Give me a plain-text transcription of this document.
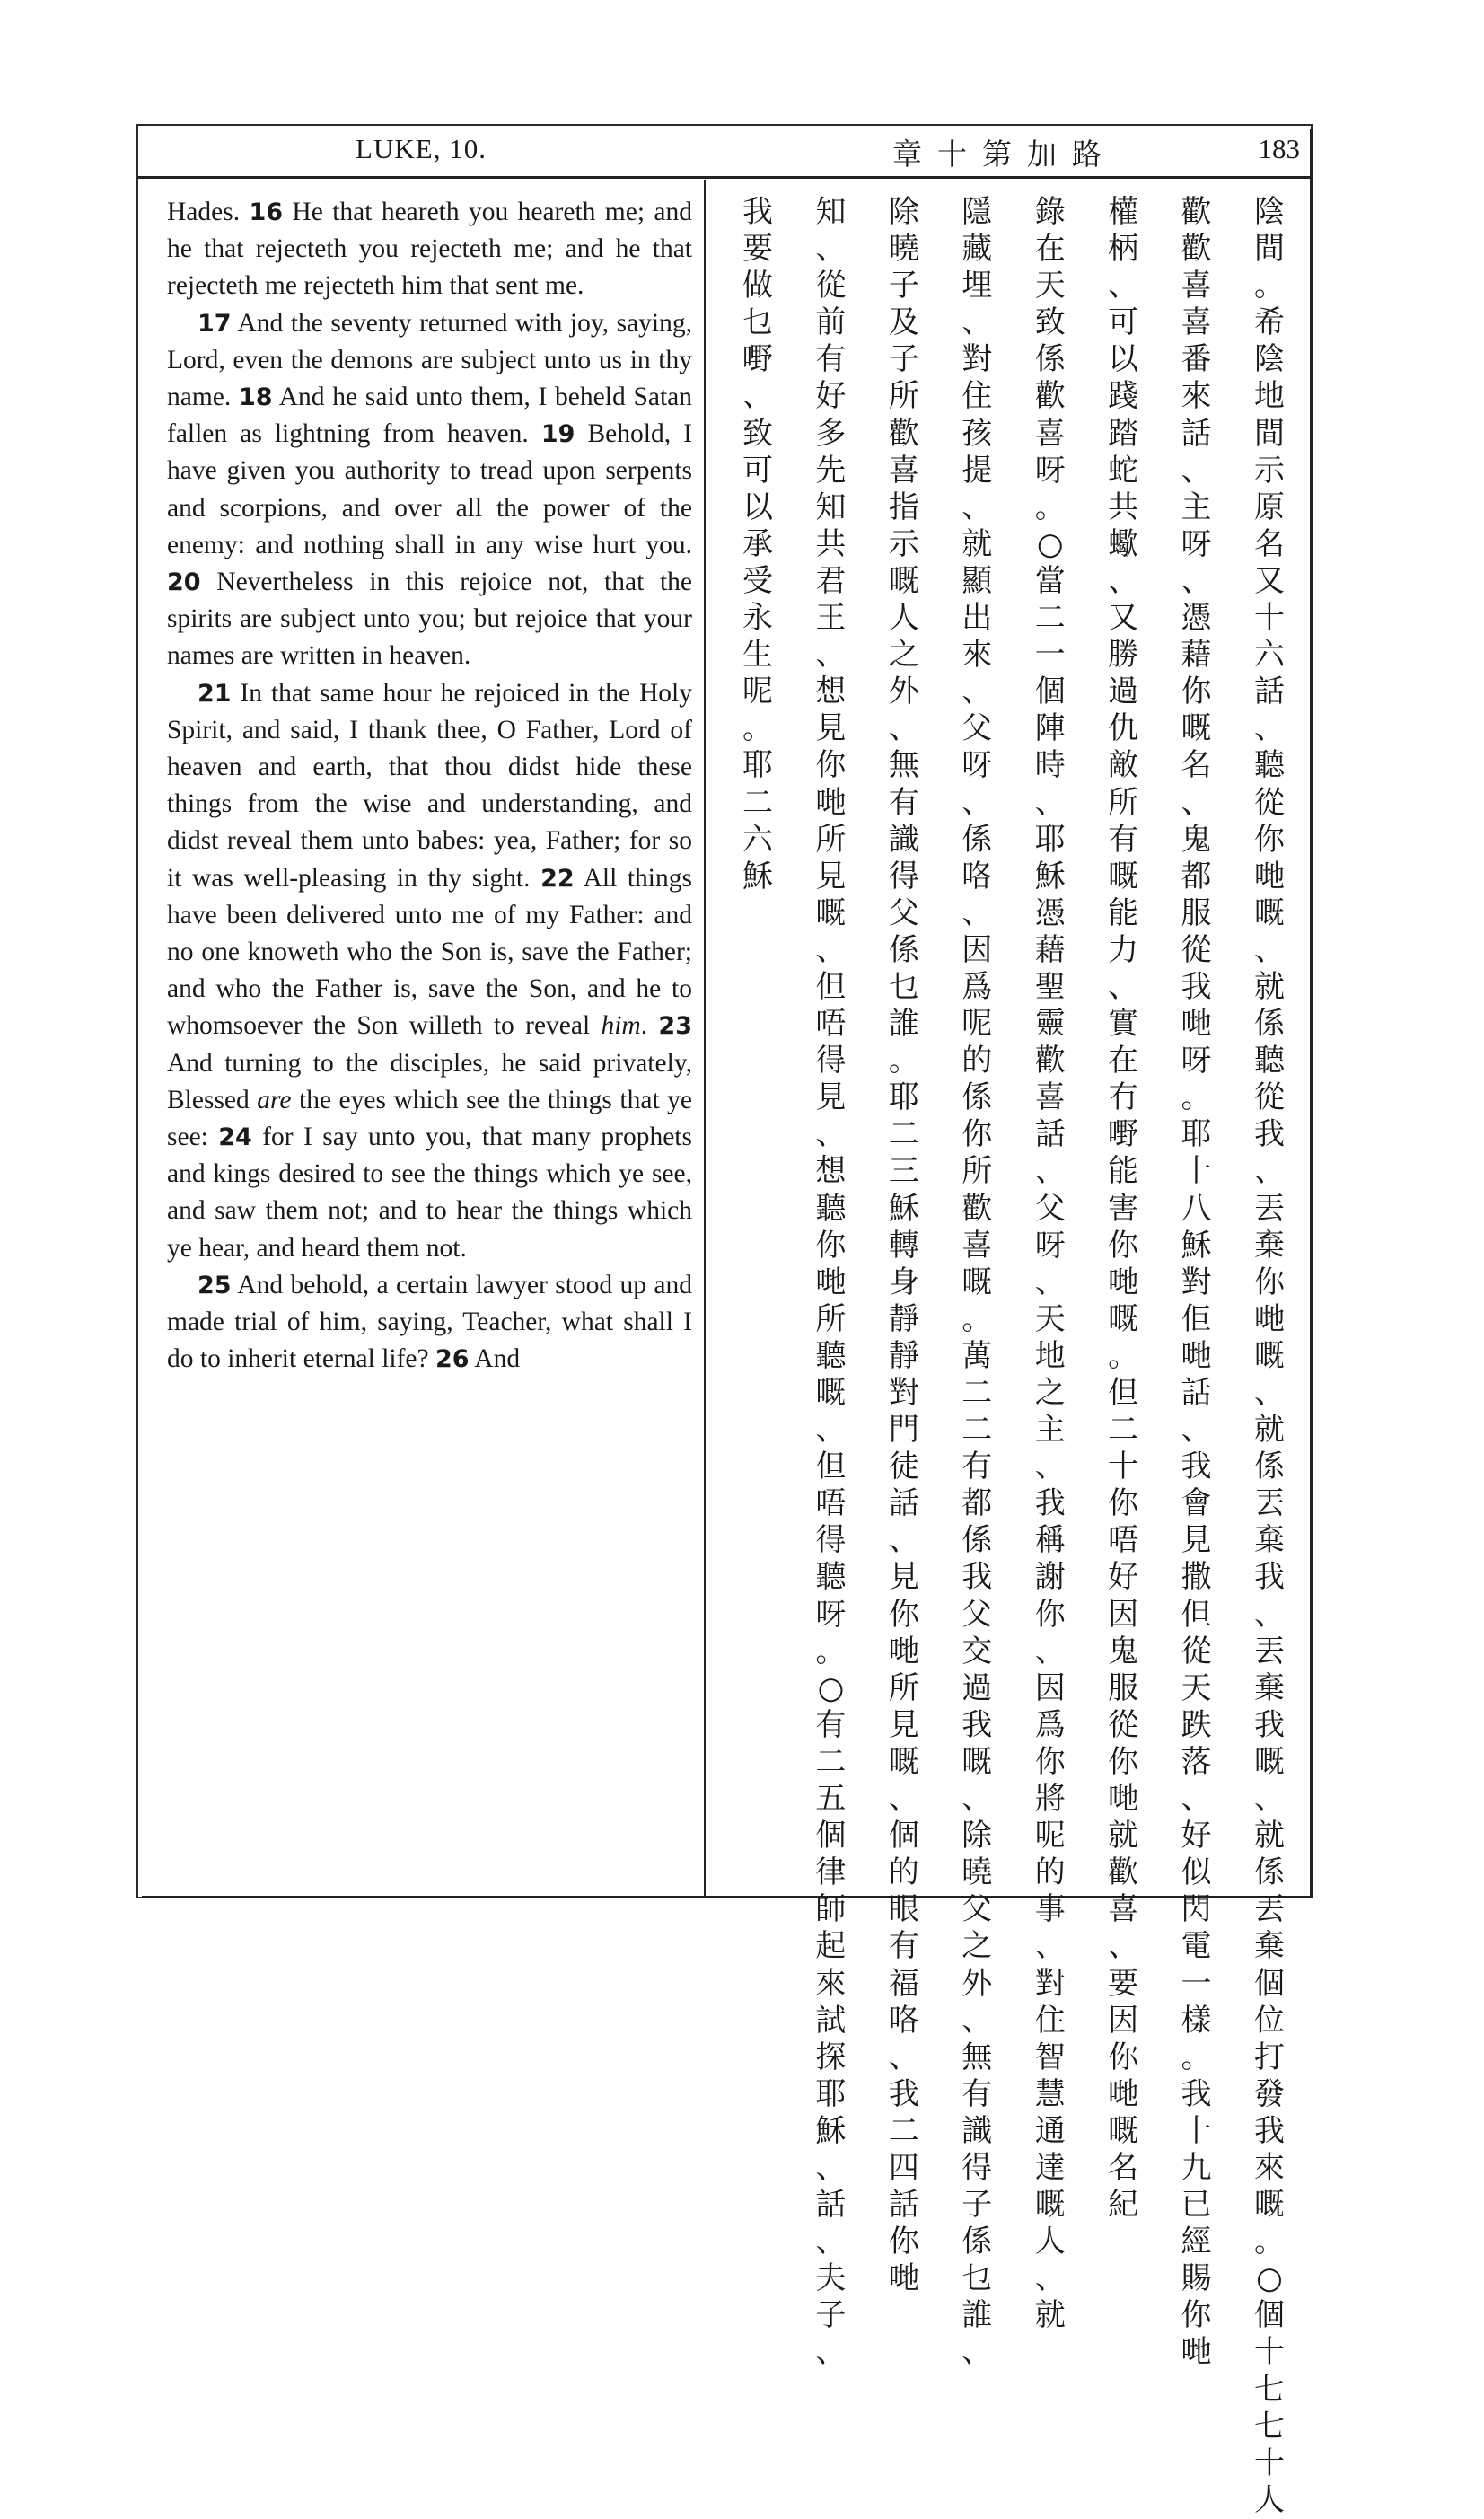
LUKE, 10.	章十第加路	183

Hades. 16 He that heareth you heareth me; and he that rejecteth you rejecteth me; and he that rejecteth me rejecteth him that sent me.

17 And the seventy returned with joy, saying, Lord, even the demons are subject unto us in thy name. 18 And he said unto them, I beheld Satan fallen as lightning from heaven. 19 Behold, I have given you authority to tread upon serpents and scorpions, and over all the power of the enemy: and nothing shall in any wise hurt you. 20 Nevertheless in this rejoice not, that the spirits are subject unto you; but rejoice that your names are written in heaven.

21 In that same hour he rejoiced in the Holy Spirit, and said, I thank thee, O Father, Lord of heaven and earth, that thou didst hide these things from the wise and understanding, and didst reveal them unto babes: yea, Father; for so it was well-pleasing in thy sight. 22 All things have been delivered unto me of my Father: and no one knoweth who the Son is, save the Father; and who the Father is, save the Son, and he to whomsoever the Son willeth to reveal him. 23 And turning to the disciples, he said privately, Blessed are the eyes which see the things that ye see: 24 for I say unto you, that many prophets and kings desired to see the things which ye see, and saw them not; and to hear the things which ye hear, and heard them not.

25 And behold, a certain lawyer stood up and made trial of him, saying, Teacher, what shall I do to inherit eternal life? 26 And

陰
間
。
希
陰
地
間
示
原
名
又
十
六
話
、
聽
從
你
哋
嘅
、
就
係
聽
從
我
、
丟
棄
你
哋
嘅
、
就
係
丟
棄
我
、
丟
棄
我
嘅
、
就
係
丟
棄
個
位
打
發
我
來
嘅
。
○
個
十
七
七
十
人
歡
歡
喜
喜
番
來
話
、
主
呀
、
憑
藉
你
嘅
名
、
鬼
都
服
從
我
哋
呀
。
耶
十
八
穌
對
佢
哋
話
、
我
會
見
撒
但
從
天
跌
落
、
好
似
閃
電
一
樣
。
我
十
九
已
經
賜
你
哋
權
柄
、
可
以
踐
踏
蛇
共
蠍
、
又
勝
過
仇
敵
所
有
嘅
能
力
、
實
在
冇
嘢
能
害
你
哋
嘅
。
但
二
十
你
唔
好
因
鬼
服
從
你
哋
就
歡
喜
、
要
因
你
哋
嘅
名
紀
錄
在
天
致
係
歡
喜
呀
。
○
當
二
一
個
陣
時
、
耶
穌
憑
藉
聖
靈
歡
喜
話
、
父
呀
、
天
地
之
主
、
我
稱
謝
你
、
因
爲
你
將
呢
的
事
、
對
住
智
慧
通
達
嘅
人
、
就
隱
藏
埋
、
對
住
孩
提
、
就
顯
出
來
、
父
呀
、
係
咯
、
因
爲
呢
的
係
你
所
歡
喜
嘅
。
萬
二
二
有
都
係
我
父
交
過
我
嘅
、
除
曉
父
之
外
、
無
有
識
得
子
係
乜
誰
、
除
曉
子
及
子
所
歡
喜
指
示
嘅
人
之
外
、
無
有
識
得
父
係
乜
誰
。
耶
二
三
穌
轉
身
靜
靜
對
門
徒
話
、
見
你
哋
所
見
嘅
、
個
的
眼
有
福
咯
、
我
二
四
話
你
哋
知
、
從
前
有
好
多
先
知
共
君
王
、
想
見
你
哋
所
見
嘅
、
但
唔
得
見
、
想
聽
你
哋
所
聽
嘅
、
但
唔
得
聽
呀
。
○
有
二
五
個
律
師
起
來
試
探
耶
穌
、
話
、
夫
子
、
我
要
做
乜
嘢
、
致
可
以
承
受
永
生
呢
。
耶
二
六
穌
